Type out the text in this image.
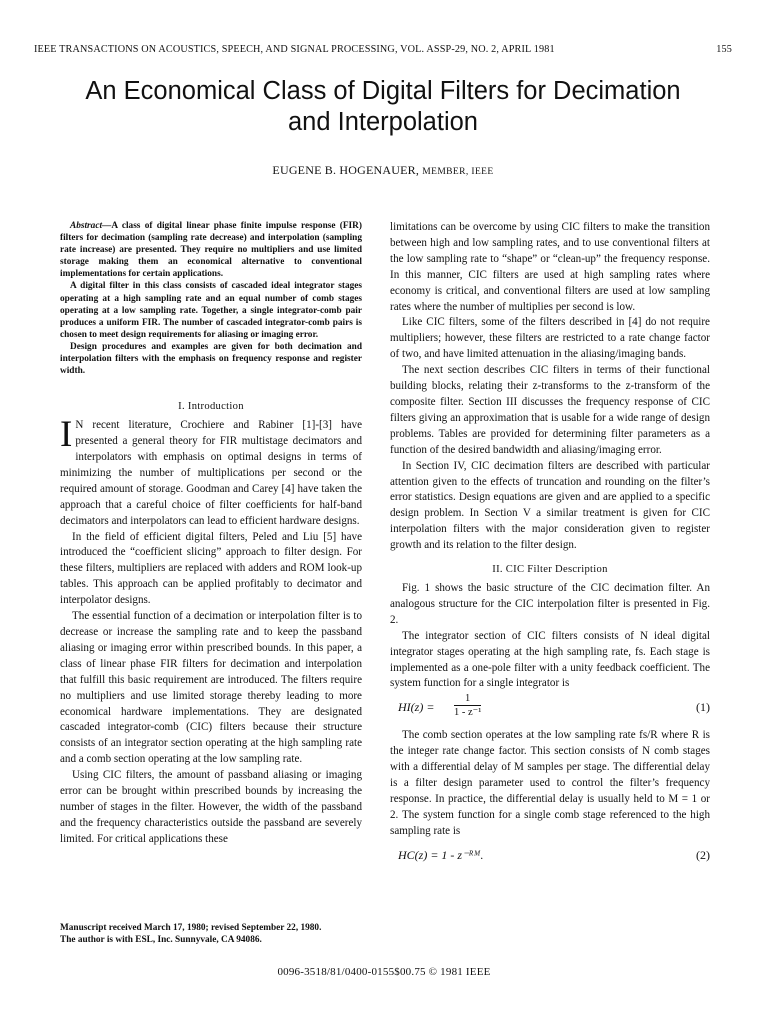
IEEE TRANSACTIONS ON ACOUSTICS, SPEECH, AND SIGNAL PROCESSING, VOL. ASSP-29, NO. 2, APRIL 1981	155
An Economical Class of Digital Filters for Decimation
and Interpolation
EUGENE B. HOGENAUER, MEMBER, IEEE

Abstract—A class of digital linear phase finite impulse response (FIR) filters for decimation (sampling rate decrease) and interpolation (sampling rate increase) are presented. They require no multipliers and use limited storage making them an economical alternative to conventional implementations for certain applications.

A digital filter in this class consists of cascaded ideal integrator stages operating at a high sampling rate and an equal number of comb stages operating at a low sampling rate. Together, a single integrator-comb pair produces a uniform FIR. The number of cascaded integrator-comb pairs is chosen to meet design requirements for aliasing or imaging error.

Design procedures and examples are given for both decimation and interpolation filters with the emphasis on frequency response and register width.

I. Introduction

I N recent literature, Crochiere and Rabiner [1]-[3] have presented a general theory for FIR multistage decimators and interpolators with emphasis on optimal designs in terms of minimizing the number of multiplications per second or the required amount of storage. Goodman and Carey [4] have taken the approach that a careful choice of filter coefficients for half-band decimators and interpolators can lead to efficient hardware designs.

In the field of efficient digital filters, Peled and Liu [5] have introduced the “coefficient slicing” approach to filter design. For these filters, multipliers are replaced with adders and ROM look-up tables. This approach can be applied profitably to decimator and interpolator designs.

The essential function of a decimation or interpolation filter is to decrease or increase the sampling rate and to keep the passband aliasing or imaging error within prescribed bounds. In this paper, a class of linear phase FIR filters for decimation and interpolation that fulfill this basic requirement are introduced. The filters require no multipliers and use limited storage thereby leading to more economical hardware implementations. They are designated cascaded integrator-comb (CIC) filters because their structure consists of an integrator section operating at the high sampling rate and a comb section operating at the low sampling rate.

Using CIC filters, the amount of passband aliasing or imaging error can be brought within prescribed bounds by increasing the number of stages in the filter. However, the width of the passband and the frequency characteristics outside the passband are severely limited. For critical applications these

limitations can be overcome by using CIC filters to make the transition between high and low sampling rates, and to use conventional filters at the low sampling rate to “shape” or “clean-up” the frequency response. In this manner, CIC filters are used at high sampling rates where economy is critical, and conventional filters are used at low sampling rates where the number of multiplies per second is low.

Like CIC filters, some of the filters described in [4] do not require multipliers; however, these filters are restricted to a rate change factor of two, and have limited attenuation in the aliasing/imaging bands.

The next section describes CIC filters in terms of their functional building blocks, relating their z-transforms to the z-transform of the composite filter. Section III discusses the frequency response of CIC filters giving an approximation that is usable for a wide range of design problems. Tables are provided for determining filter parameters as a function of the desired bandwidth and aliasing/imaging error.

In Section IV, CIC decimation filters are described with particular attention given to the effects of truncation and rounding on the filter’s error statistics. Design equations are given and are applied to a specific design problem. In Section V a similar treatment is given for CIC interpolation filters with the major consideration given to register growth and its relation to the filter design.

II. CIC Filter Description

Fig. 1 shows the basic structure of the CIC decimation filter. An analogous structure for the CIC interpolation filter is presented in Fig. 2.

The integrator section of CIC filters consists of N ideal digital integrator stages operating at the high sampling rate, fs. Each stage is implemented as a one-pole filter with a unity feedback coefficient. The system function for a single integrator is

$HI(z) = \frac{1}{\text{1 - z⁻¹}}$	(1)

The comb section operates at the low sampling rate fs/R where R is the integer rate change factor. This section consists of N comb stages with a differential delay of M samples per stage. The differential delay is a filter design parameter used to control the filter’s frequency response. In practice, the differential delay is usually held to M = 1 or 2. The system function for a single comb stage referenced to the high sampling rate is

HC(z) = 1 - z⁻ᴿᴹ.	(2)
Manuscript received March 17, 1980; revised September 22, 1980.
The author is with ESL, Inc. Sunnyvale, CA 94086.
0096-3518/81/0400-0155$00.75 © 1981 IEEE
